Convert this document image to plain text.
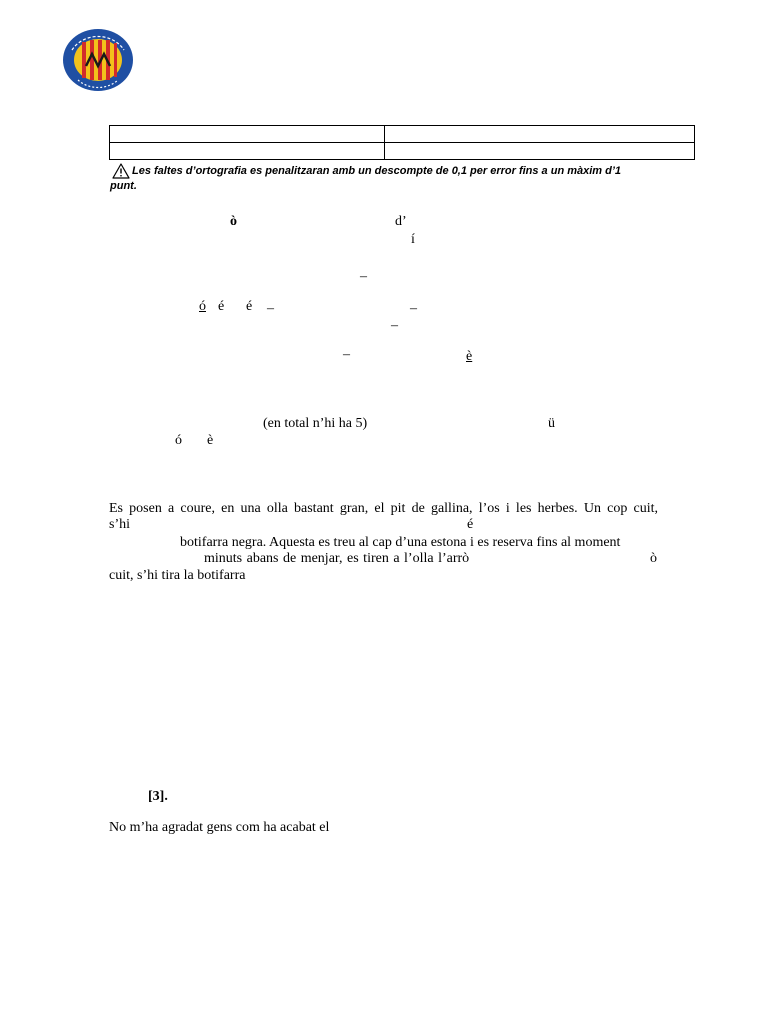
Les faltes d’ortografia es penalitzaran amb un descompte de 0,1 per error fins a un màxim d’1
punt.
ò	d’
í
–
ó é é –	–
–
–	è
(en total n’hi ha 5)	ü
ó è
Es posen a coure, en una olla bastant gran, el pit de gallina, l’os i les herbes. Un cop cuit,
s’hi	é
botifarra negra. Aquesta es treu al cap d’una estona i es reserva fins al moment
minuts abans de menjar, es tiren a l’olla l’arrò	ò
cuit, s’hi tira la botifarra
[3].
No m’ha agradat gens com ha acabat el
